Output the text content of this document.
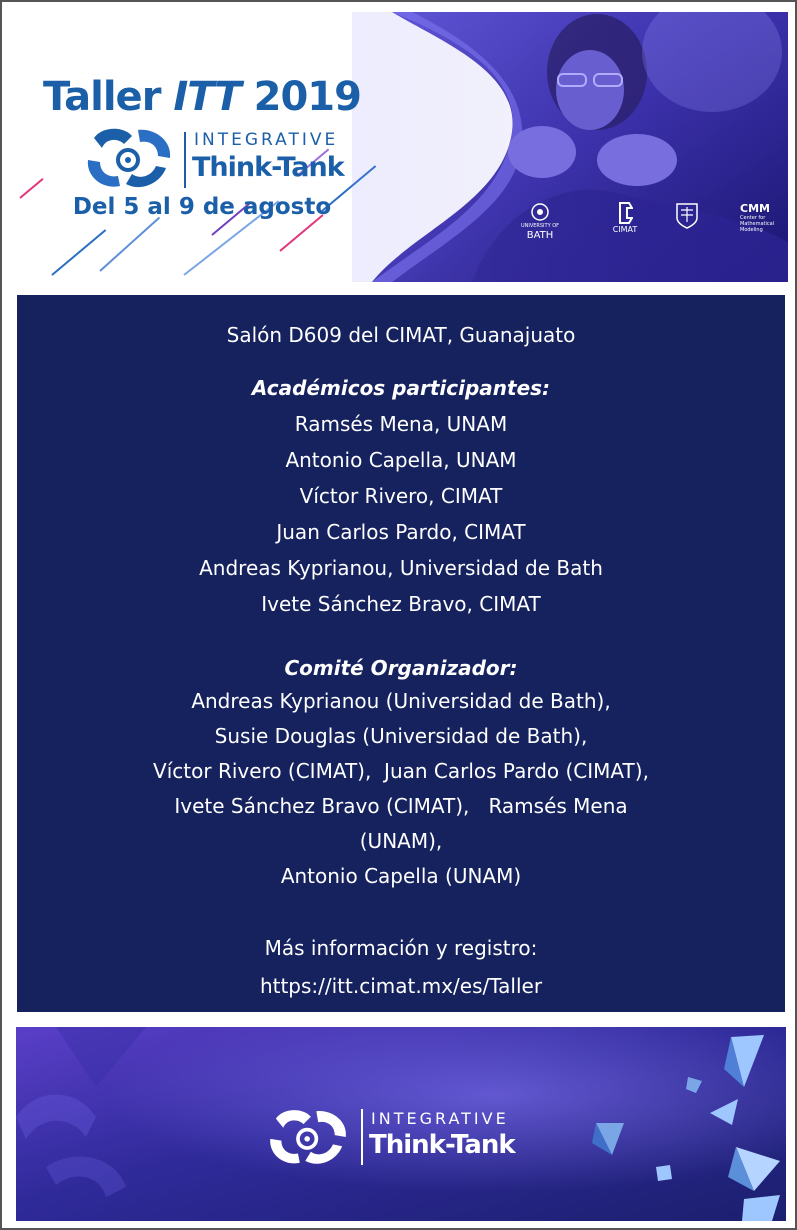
UNIVERSITY OF
BATH
CIMAT
CMM
Center for Mathematical Modeling
Taller ITT 2019
INTEGRATIVE
Think-Tank
Del 5 al 9 de agosto
Salón D609 del CIMAT, Guanajuato
Académicos participantes:
Ramsés Mena, UNAM
Antonio Capella, UNAM
Víctor Rivero, CIMAT
Juan Carlos Pardo, CIMAT
Andreas Kyprianou, Universidad de Bath
Ivete Sánchez Bravo, CIMAT
Comité Organizador:
Andreas Kyprianou (Universidad de Bath),
Susie Douglas (Universidad de Bath),
Víctor Rivero (CIMAT),  Juan Carlos Pardo (CIMAT),
Ivete Sánchez Bravo (CIMAT),   Ramsés Mena
(UNAM),
Antonio Capella (UNAM)
Más información y registro:
https://itt.cimat.mx/es/Taller
INTEGRATIVE
Think-Tank
